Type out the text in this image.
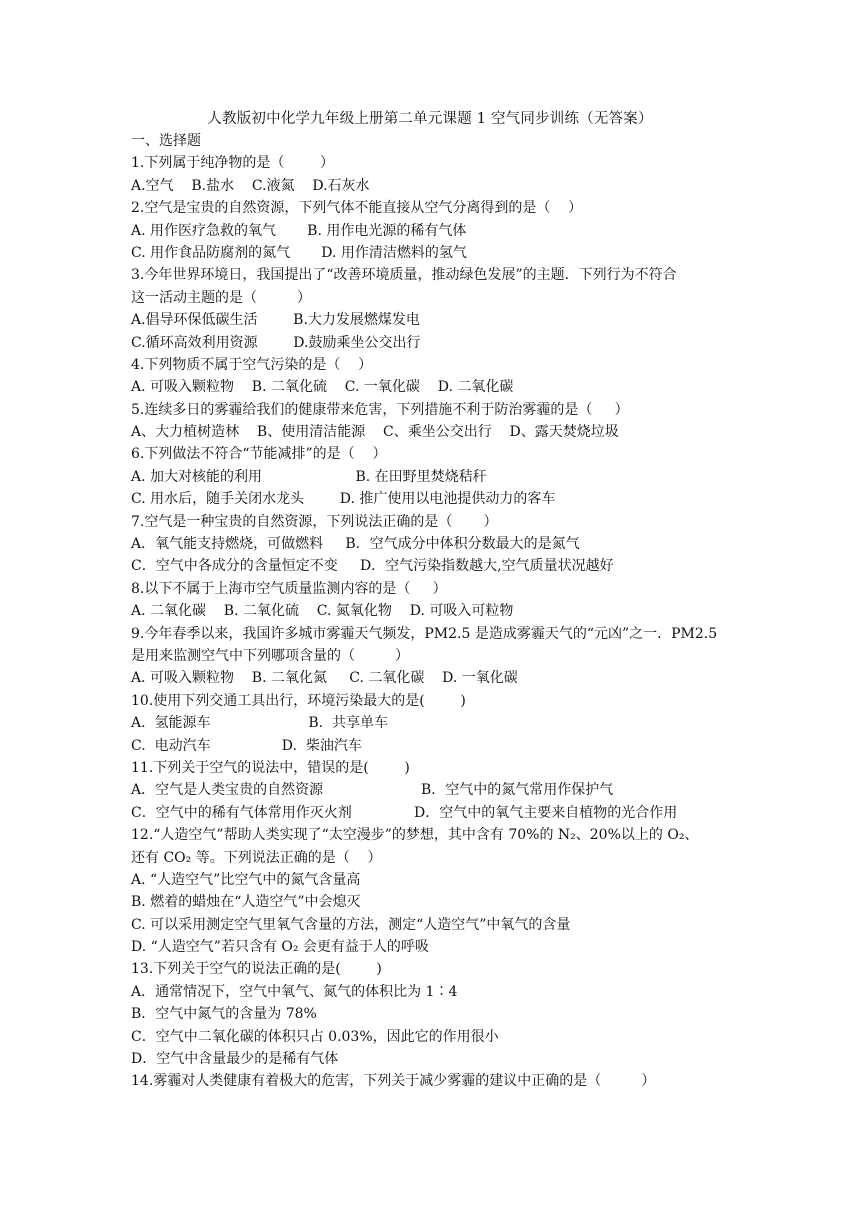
人教版初中化学九年级上册第二单元课题 1 空气同步训练（无答案）
一、选择题
1.下列属于纯净物的是（        ）
A.空气    B.盐水    C.液氮    D.石灰水
2.空气是宝贵的自然资源，下列气体不能直接从空气分离得到的是（    ）
A. 用作医疗急救的氧气       B. 用作电光源的稀有气体
C. 用作食品防腐剂的氮气       D. 用作清洁燃料的氢气
3.今年世界环境日，我国提出了“改善环境质量，推动绿色发展”的主题．下列行为不符合
这一活动主题的是（         ）
A.倡导环保低碳生活        B.大力发展燃煤发电
C.循环高效利用资源        D.鼓励乘坐公交出行
4.下列物质不属于空气污染的是（    ）
A. 可吸入颗粒物    B. 二氧化硫    C. 一氧化碳    D. 二氧化碳
5.连续多日的雾霾给我们的健康带来危害，下列措施不利于防治雾霾的是（     ）
A、大力植树造林    B、使用清洁能源    C、乘坐公交出行    D、露天焚烧垃圾
6.下列做法不符合“节能减排”的是（    ）
A. 加大对核能的利用                     B. 在田野里焚烧秸秆
C. 用水后，随手关闭水龙头        D. 推广使用以电池提供动力的客车
7.空气是一种宝贵的自然资源，下列说法正确的是（       ）
A．氧气能支持燃烧，可做燃料     B．空气成分中体积分数最大的是氮气
C．空气中各成分的含量恒定不变     D．空气污染指数越大,空气质量状况越好
8.以下不属于上海市空气质量监测内容的是（     ）
A. 二氧化碳    B. 二氧化硫    C. 氮氧化物    D. 可吸入可粒物
9.今年春季以来，我国许多城市雾霾天气频发，PM2.5 是造成雾霾天气的“元凶”之一．PM2.5
是用来监测空气中下列哪项含量的（         ）
A. 可吸入颗粒物    B. 二氧化氮     C. 二氧化碳    D. 一氧化碳
10.使用下列交通工具出行，环境污染最大的是(        )
A.  氢能源车                      B.  共享单车
C.  电动汽车                D.  柴油汽车
11.下列关于空气的说法中，错误的是(        )
A．空气是人类宝贵的自然资源                      B．空气中的氮气常用作保护气
C．空气中的稀有气体常用作灭火剂              D．空气中的氧气主要来自植物的光合作用
12.“人造空气”帮助人类实现了“太空漫步”的梦想，其中含有 70%的 N₂、20%以上的 O₂、
还有 CO₂ 等。下列说法正确的是（    ）
A. “人造空气”比空气中的氮气含量高
B. 燃着的蜡烛在“人造空气”中会熄灭
C. 可以采用测定空气里氧气含量的方法，测定“人造空气”中氧气的含量
D. “人造空气”若只含有 O₂ 会更有益于人的呼吸
13.下列关于空气的说法正确的是(        )
A．通常情况下，空气中氧气、氮气的体积比为 1∶4
B．空气中氮气的含量为 78%
C．空气中二氧化碳的体积只占 0.03%，因此它的作用很小
D．空气中含量最少的是稀有气体
14.雾霾对人类健康有着极大的危害，下列关于减少雾霾的建议中正确的是（         ）
